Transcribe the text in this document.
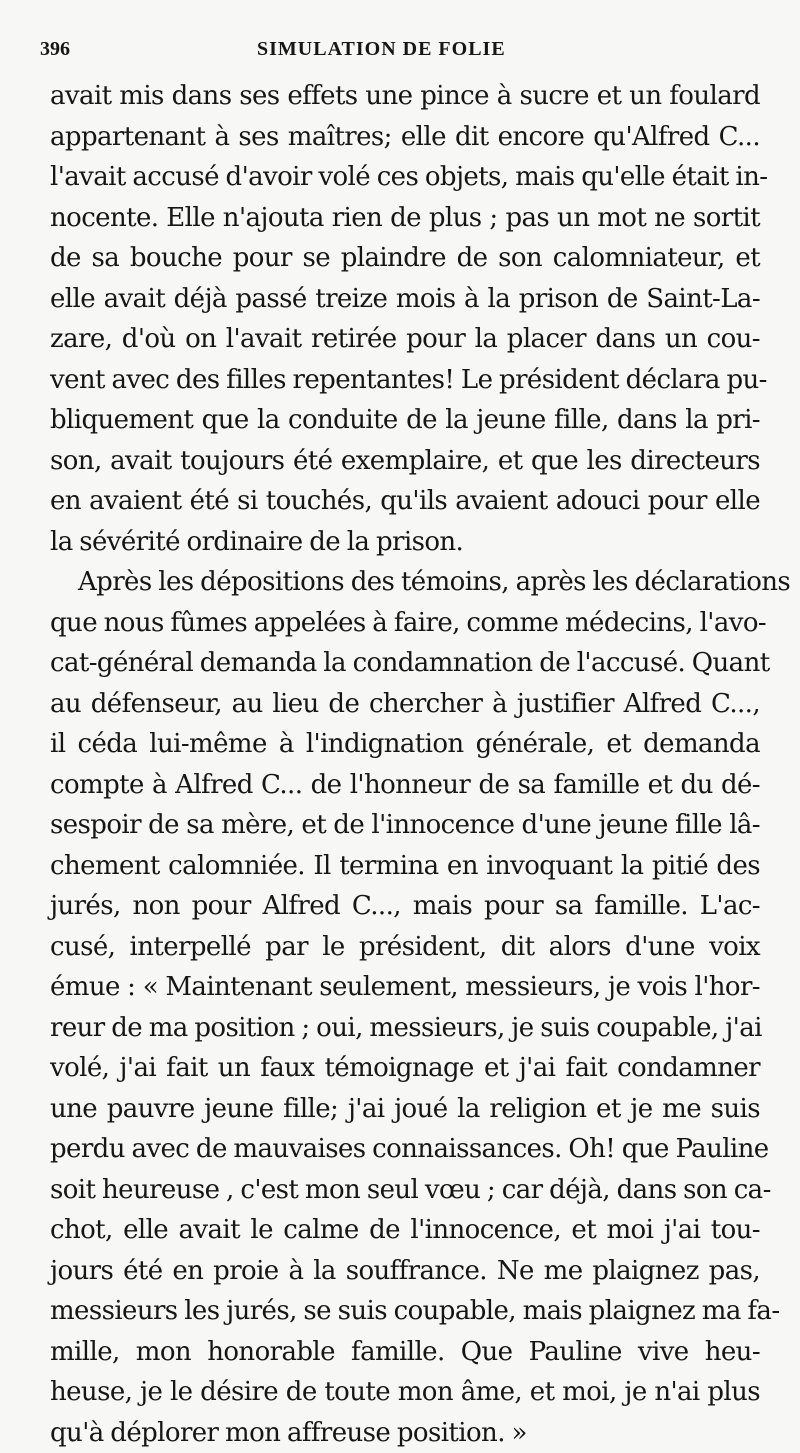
396	SIMULATION DE FOLIE
avait mis dans ses effets une pince à sucre et un foulard
appartenant à ses maîtres; elle dit encore qu'Alfred C...
l'avait accusé d'avoir volé ces objets, mais qu'elle était in-
nocente. Elle n'ajouta rien de plus ; pas un mot ne sortit
de sa bouche pour se plaindre de son calomniateur, et
elle avait déjà passé treize mois à la prison de Saint-La-
zare, d'où on l'avait retirée pour la placer dans un cou-
vent avec des filles repentantes! Le président déclara pu-
bliquement que la conduite de la jeune fille, dans la pri-
son, avait toujours été exemplaire, et que les directeurs
en avaient été si touchés, qu'ils avaient adouci pour elle
la sévérité ordinaire de la prison.
Après les dépositions des témoins, après les déclarations
que nous fûmes appelées à faire, comme médecins, l'avo-
cat-général demanda la condamnation de l'accusé. Quant
au défenseur, au lieu de chercher à justifier Alfred C...,
il céda lui-même à l'indignation générale, et demanda
compte à Alfred C... de l'honneur de sa famille et du dé-
sespoir de sa mère, et de l'innocence d'une jeune fille lâ-
chement calomniée. Il termina en invoquant la pitié des
jurés, non pour Alfred C..., mais pour sa famille. L'ac-
cusé, interpellé par le président, dit alors d'une voix
émue : « Maintenant seulement, messieurs, je vois l'hor-
reur de ma position ; oui, messieurs, je suis coupable, j'ai
volé, j'ai fait un faux témoignage et j'ai fait condamner
une pauvre jeune fille; j'ai joué la religion et je me suis
perdu avec de mauvaises connaissances. Oh! que Pauline
soit heureuse , c'est mon seul vœu ; car déjà, dans son ca-
chot, elle avait le calme de l'innocence, et moi j'ai tou-
jours été en proie à la souffrance. Ne me plaignez pas,
messieurs les jurés, se suis coupable, mais plaignez ma fa-
mille, mon honorable famille. Que Pauline vive heu-
heuse, je le désire de toute mon âme, et moi, je n'ai plus
qu'à déplorer mon affreuse position. »
